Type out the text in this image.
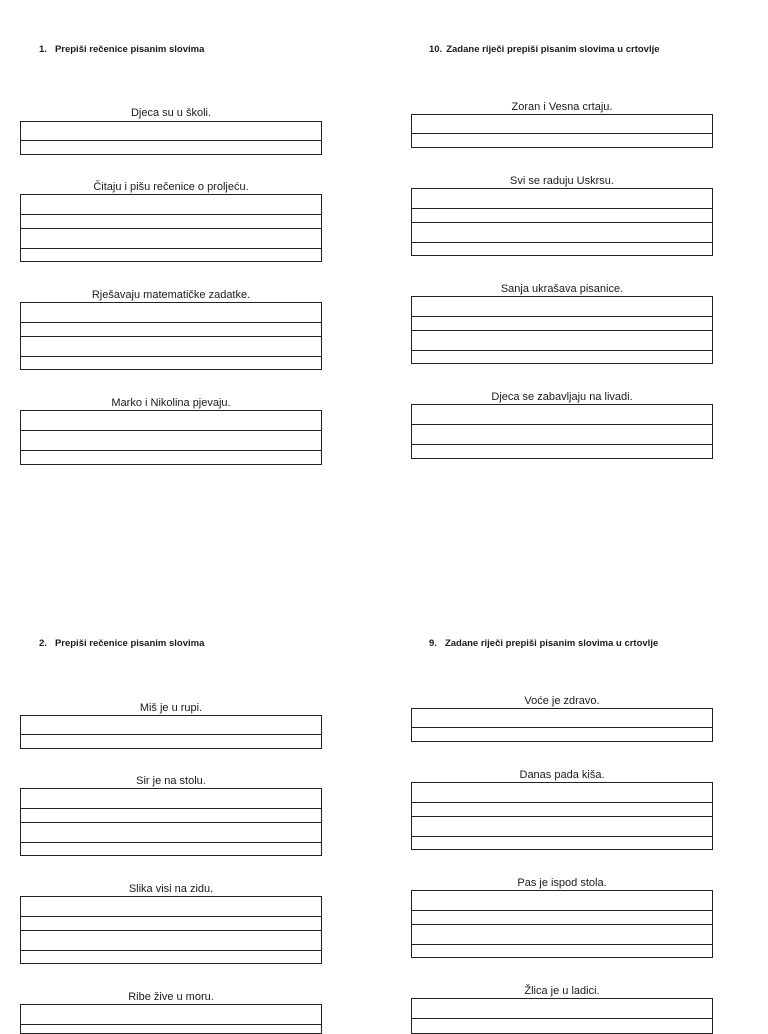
1. Prepiši rečenice pisanim slovima
Djeca su u školi.
Čitaju i pišu rečenice o proljeću.
Rješavaju matematičke zadatke.
Marko i Nikolina pjevaju.
10. Zadane riječi prepiši pisanim slovima u crtovlje
Zoran i Vesna crtaju.
Svi se raduju Uskrsu.
Sanja ukrašava pisanice.
Djeca se zabavljaju na livadi.
2. Prepiši rečenice pisanim slovima
Miš je u rupi.
Sir je na stolu.
Slika visi na zidu.
Ribe žive u moru.
9. Zadane riječi prepiši pisanim slovima u crtovlje
Voće je zdravo.
Danas pada kiša.
Pas je ispod stola.
Žlica je u ladici.
